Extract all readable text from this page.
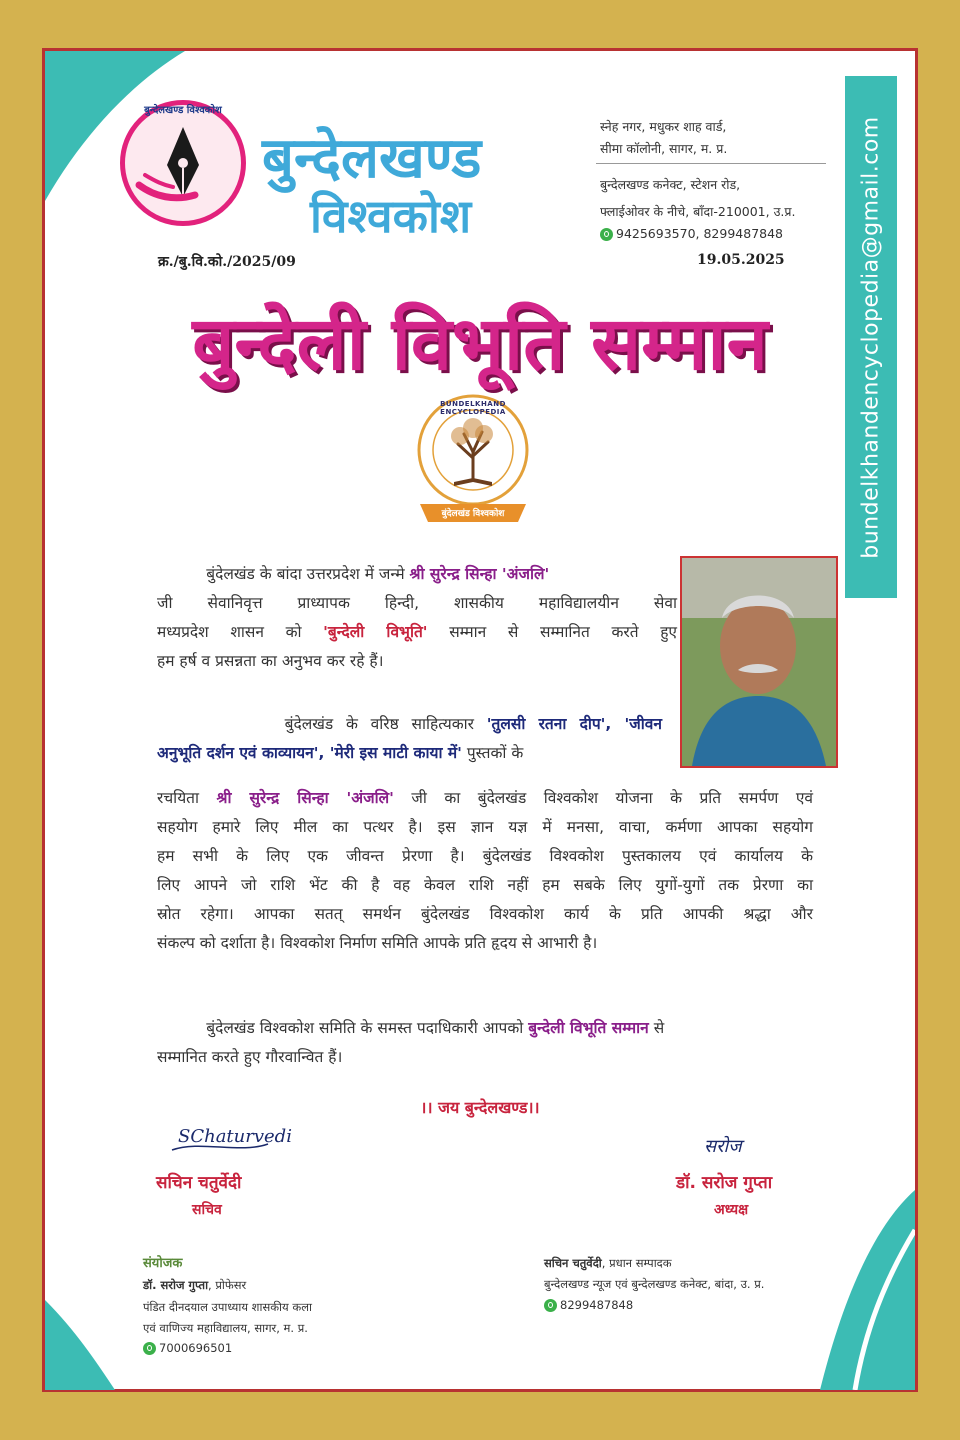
bundelkhandencyclopedia@gmail.com
बुन्देलखण्ड विश्वकोश
बुन्देलखण्ड
विश्वकोश
स्नेह नगर, मधुकर शाह वार्ड,
सीमा कॉलोनी, सागर, म. प्र.
बुन्देलखण्ड कनेक्ट, स्टेशन रोड,
फ्लाईओवर के नीचे, बाँदा-210001, उ.प्र.
9425693570, 8299487848
क्र./बु.वि.को./2025/09	19.05.2025
बुन्देली विभूति सम्मान
BUNDELKHAND ENCYCLOPEDIA
बुंदेलखंड विश्वकोश
बुंदेलखंड के बांदा उत्तरप्रदेश में जन्मे श्री सुरेन्द्र सिन्हा 'अंजलि'
जी सेवानिवृत्त प्राध्यापक हिन्दी, शासकीय महाविद्यालयीन सेवा
मध्यप्रदेश शासन को 'बुन्देली विभूति' सम्मान से सम्मानित करते हुए
हम हर्ष व प्रसन्नता का अनुभव कर रहे हैं।
बुंदेलखंड के वरिष्ठ साहित्यकार 'तुलसी रतना दीप', 'जीवन
अनुभूति दर्शन एवं काव्यायन', 'मेरी इस माटी काया में' पुस्तकों के
रचयिता श्री सुरेन्द्र सिन्हा 'अंजलि' जी का बुंदेलखंड विश्वकोश योजना के प्रति समर्पण एवं
सहयोग हमारे लिए मील का पत्थर है। इस ज्ञान यज्ञ में मनसा, वाचा, कर्मणा आपका सहयोग
हम सभी के लिए एक जीवन्त प्रेरणा है। बुंदेलखंड विश्वकोश पुस्तकालय एवं कार्यालय के
लिए आपने जो राशि भेंट की है वह केवल राशि नहीं हम सबके लिए युगों-युगों तक प्रेरणा का
स्रोत रहेगा। आपका सतत् समर्थन बुंदेलखंड विश्वकोश कार्य के प्रति आपकी श्रद्धा और
संकल्प को दर्शाता है। विश्वकोश निर्माण समिति आपके प्रति हृदय से आभारी है।
बुंदेलखंड विश्वकोश समिति के समस्त पदाधिकारी आपको बुन्देली विभूति सम्मान से
सम्मानित करते हुए गौरवान्वित हैं।
।। जय बुन्देलखण्ड।।
SChaturvedi
सचिन चतुर्वेदी
सचिव
सरोज
डॉ. सरोज गुप्ता
अध्यक्ष
संयोजक
डॉ. सरोज गुप्ता, प्रोफेसर
पंडित दीनदयाल उपाध्याय शासकीय कला
एवं वाणिज्य महाविद्यालय, सागर, म. प्र.
7000696501
सचिन चतुर्वेदी, प्रधान सम्पादक
बुन्देलखण्ड न्यूज एवं बुन्देलखण्ड कनेक्ट, बांदा, उ. प्र.
8299487848
